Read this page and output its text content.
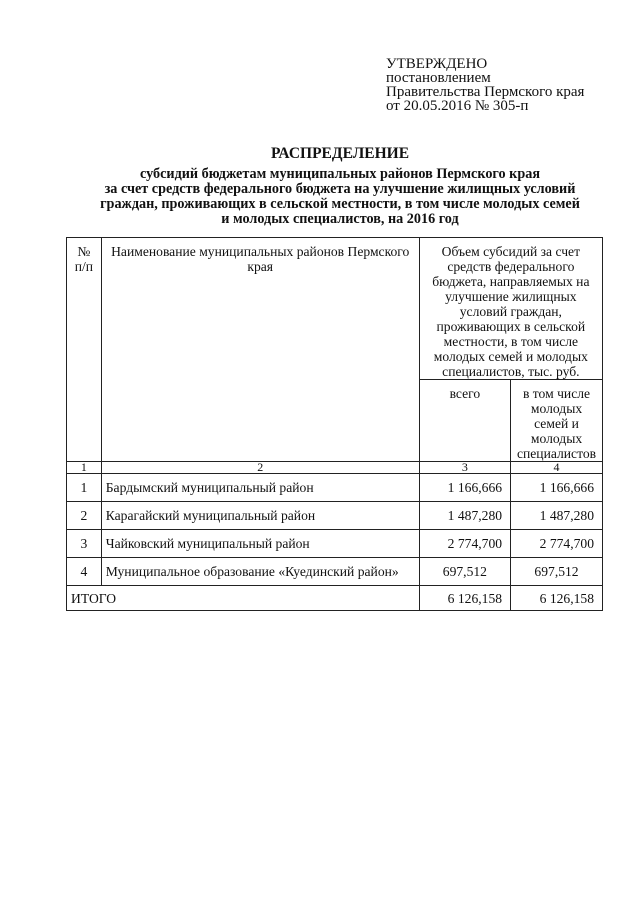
УТВЕРЖДЕНО
постановлением
Правительства Пермского края
от 20.05.2016 № 305-п
РАСПРЕДЕЛЕНИЕ
субсидий бюджетам муниципальных районов Пермского края
за счет средств федерального бюджета на улучшение жилищных условий
граждан, проживающих в сельской местности, в том числе молодых семей
и молодых специалистов, на 2016 год
№ п/п	Наименование муниципальных районов Пермского края	Объем субсидий за счет средств федерального бюджета, направляемых на улучшение жилищных условий граждан, проживающих в сельской местности, в том числе молодых семей и молодых специалистов, тыс. руб.	
		всего	в том числе молодых семей и молодых специалистов
1	2	3	4
1	Бардымский муниципальный район	1 166,666	1 166,666
2	Карагайский муниципальный район	1 487,280	1 487,280
3	Чайковский муниципальный район	2 774,700	2 774,700
4	Муниципальное образование «Куединский район»	697,512	697,512
ИТОГО		6 126,158	6 126,158
